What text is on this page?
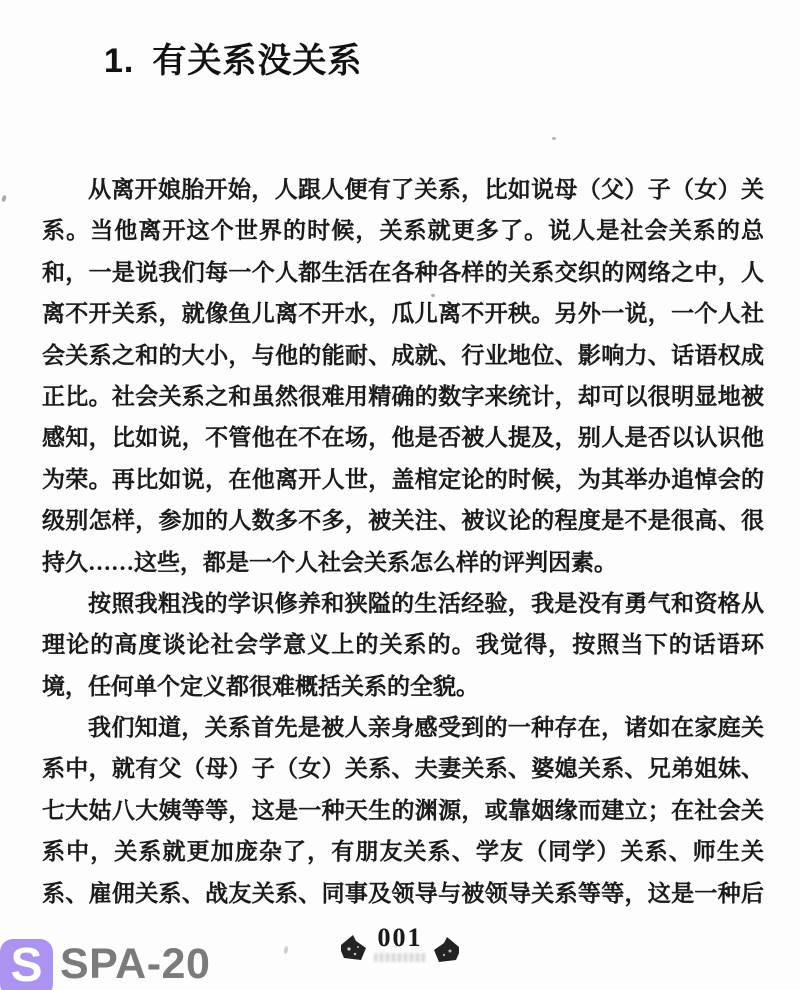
1. 有关系没关系
从离开娘胎开始，人跟人便有了关系，比如说母（父）子（女）关
系。当他离开这个世界的时候，关系就更多了。说人是社会关系的总
和，一是说我们每一个人都生活在各种各样的关系交织的网络之中，人
离不开关系，就像鱼儿离不开水，瓜儿离不开秧。另外一说，一个人社
会关系之和的大小，与他的能耐、成就、行业地位、影响力、话语权成
正比。社会关系之和虽然很难用精确的数字来统计，却可以很明显地被
感知，比如说，不管他在不在场，他是否被人提及，别人是否以认识他
为荣。再比如说，在他离开人世，盖棺定论的时候，为其举办追悼会的
级别怎样，参加的人数多不多，被关注、被议论的程度是不是很高、很
持久……这些，都是一个人社会关系怎么样的评判因素。
按照我粗浅的学识修养和狭隘的生活经验，我是没有勇气和资格从
理论的高度谈论社会学意义上的关系的。我觉得，按照当下的话语环
境，任何单个定义都很难概括关系的全貌。
我们知道，关系首先是被人亲身感受到的一种存在，诸如在家庭关
系中，就有父（母）子（女）关系、夫妻关系、婆媳关系、兄弟姐妹、
七大姑八大姨等等，这是一种天生的渊源，或靠姻缘而建立；在社会关
系中，关系就更加庞杂了，有朋友关系、学友（同学）关系、师生关
系、雇佣关系、战友关系、同事及领导与被领导关系等等，这是一种后
001
S SPA-20
